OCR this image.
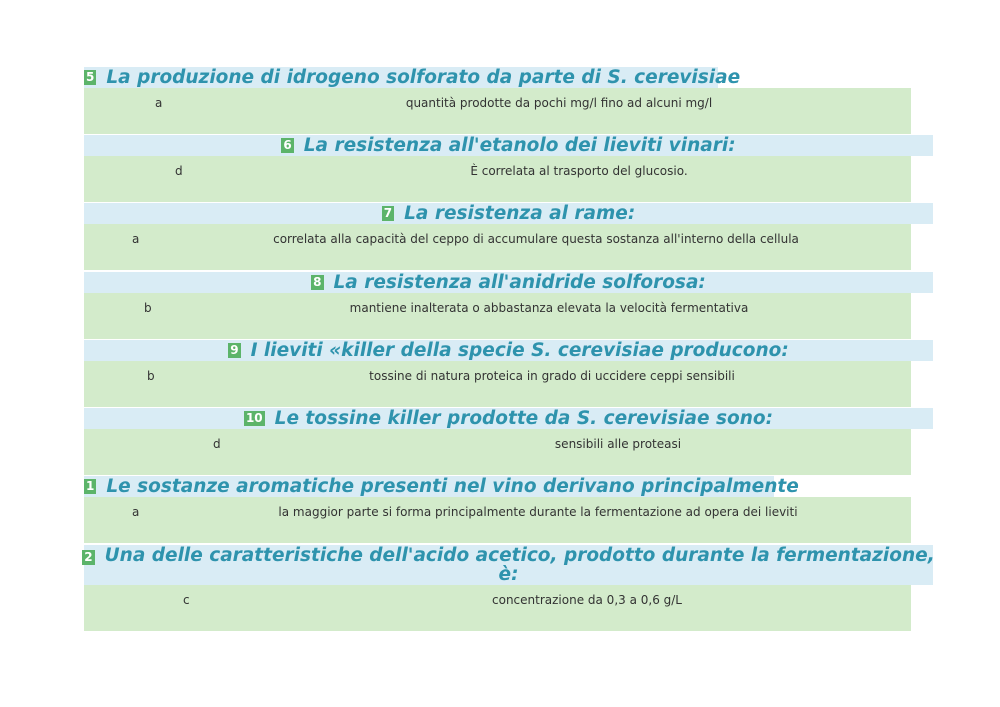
5 La produzione di idrogeno solforato da parte di S. cerevisiae
a	quantità prodotte da pochi mg/l fino ad alcuni mg/l
6 La resistenza all'etanolo dei lieviti vinari:
d	È correlata al trasporto del glucosio.
7 La resistenza al rame:
a	correlata alla capacità del ceppo di accumulare questa sostanza all'interno della cellula
8 La resistenza all'anidride solforosa:
b	mantiene inalterata o abbastanza elevata la velocità fermentativa
9 I lieviti «killer della specie S. cerevisiae producono:
b	tossine di natura proteica in grado di uccidere ceppi sensibili
10 Le tossine killer prodotte da S. cerevisiae sono:
d	sensibili alle proteasi
1 Le sostanze aromatiche presenti nel vino derivano principalmente
a	la maggior parte si forma principalmente durante la fermentazione ad opera dei lieviti
2 Una delle caratteristiche dell'acido acetico, prodotto durante la fermentazione,
è:
c	concentrazione da 0,3 a 0,6 g/L
